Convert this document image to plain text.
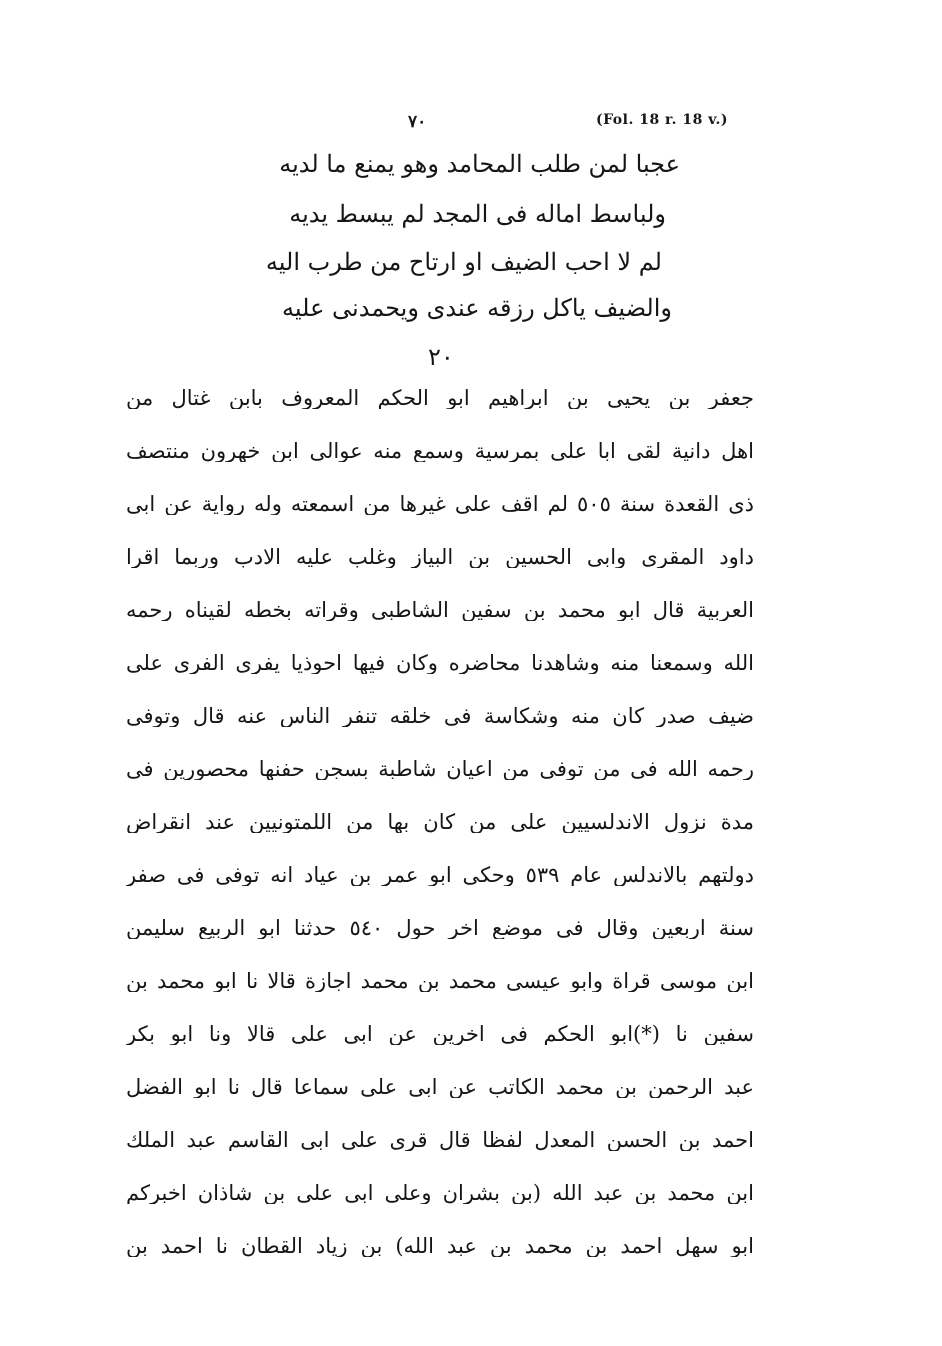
٧٠	(Fol. 18 r. 18 v.)
عجبا لمن طلب المحامد وهو يمنع ما لديه
ولباسط اماله فى المجد لم يبسط يديه
لم لا احب الضيف او ارتاح من طرب اليه
والضيف ياكل رزقه عندى ويحمدنى عليه
٢٠
جعفر بن يحيى بن ابراهيم ابو الحكم المعروف بابن غتال من
اهل دانية لقى ابا على بمرسية وسمع منه عوالى ابن خهرون منتصف
ذى القعدة سنة ٥٠٥ لم اقف على غيرها من اسمعته وله رواية عن ابى
داود المقرى وابى الحسين بن البياز وغلب عليه الادب وربما اقرا
العربية قال ابو محمد بن سفين الشاطبى وقراته بخطه لقيناه رحمه
الله وسمعنا منه وشاهدنا محاضره وكان فيها احوذيا يفرى الفرى على
ضيف صدر كان منه وشكاسة فى خلقه تنفر الناس عنه قال وتوفى
رحمه الله فى من توفى من اعيان شاطبة بسجن حفنها محصورين فى
مدة نزول الاندلسيين على من كان بها من اللمتونيين عند انقراض
دولتهم بالاندلس عام ٥٣٩ وحكى ابو عمر بن عياد انه توفى فى صفر
سنة اربعين وقال فى موضع اخر حول ٥٤٠ حدثنا ابو الربيع سليمن
ابن موسى قراة وابو عيسى محمد بن محمد اجازة قالا نا ابو محمد بن
سفين نا (*)ابو الحكم فى اخرين عن ابى على قالا ونا ابو بكر
عبد الرحمن بن محمد الكاتب عن ابى على سماعا قال نا ابو الفضل
احمد بن الحسن المعدل لفظا قال قرى على ابى القاسم عبد الملك
ابن محمد بن عبد الله (بن بشران وعلى ابى على بن شاذان اخبركم
ابو سهل احمد بن محمد بن عبد الله) بن زياد القطان نا احمد بن
